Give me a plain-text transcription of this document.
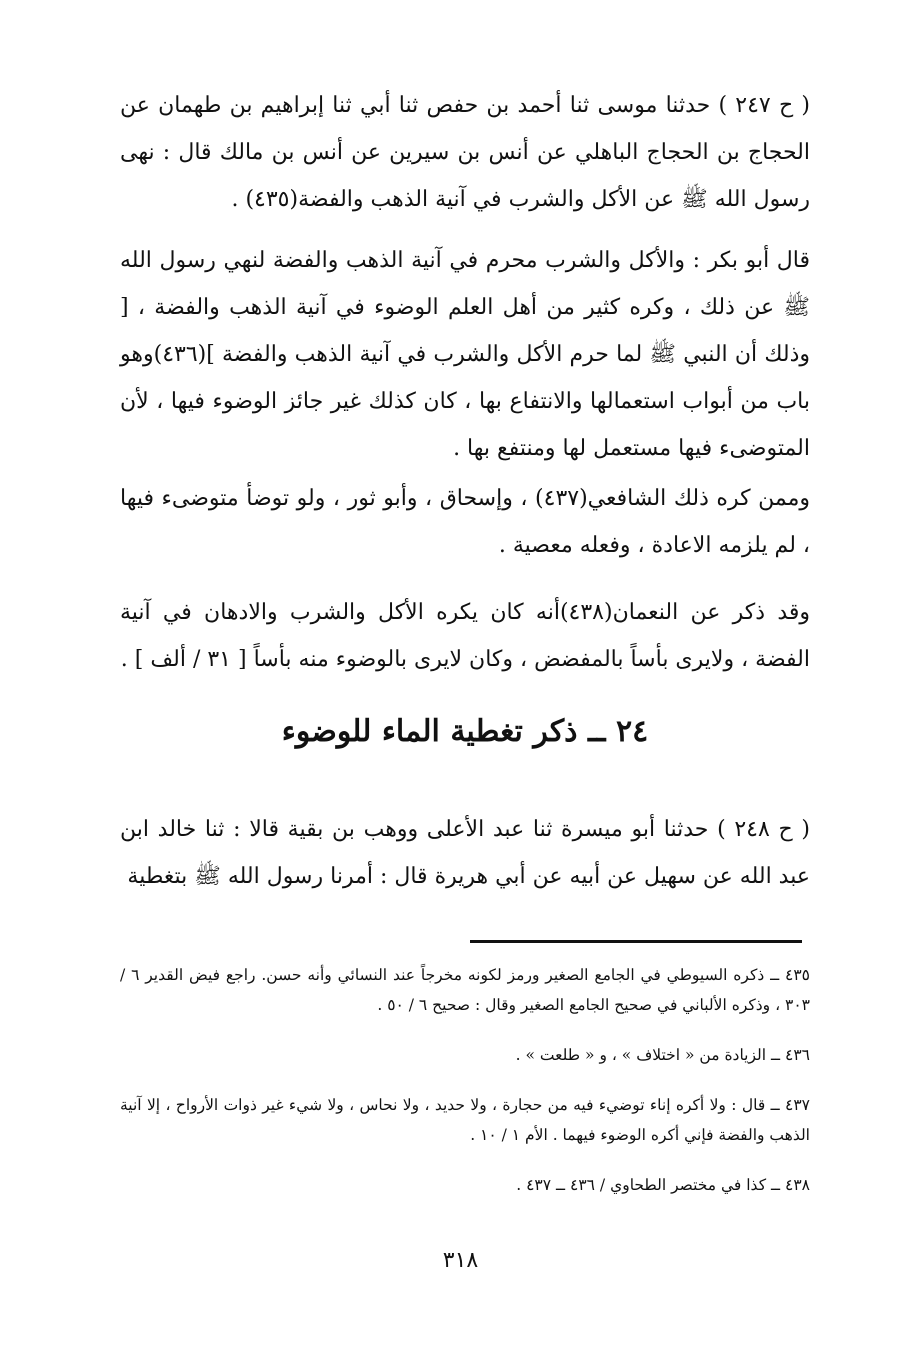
( ح ٢٤٧ ) حدثنا موسى ثنا أحمد بن حفص ثنا أبي ثنا إبراهيم بن طهمان عن الحجاج بن الحجاج الباهلي عن أنس بن سيرين عن أنس بن مالك قال : نهى رسول الله ﷺ عن الأكل والشرب في آنية الذهب والفضة(٤٣٥) .

قال أبو بكر : والأكل والشرب محرم في آنية الذهب والفضة لنهي رسول الله ﷺ عن ذلك ، وكره كثير من أهل العلم الوضوء في آنية الذهب والفضة ، [ وذلك أن النبي ﷺ لما حرم الأكل والشرب في آنية الذهب والفضة ](٤٣٦)وهو باب من أبواب استعمالها والانتفاع بها ، كان كذلك غير جائز الوضوء فيها ، لأن المتوضىء فيها مستعمل لها ومنتفع بها .

وممن كره ذلك الشافعي(٤٣٧) ، وإسحاق ، وأبو ثور ، ولو توضأ متوضىء فيها ، لم يلزمه الاعادة ، وفعله معصية .

وقد ذكر عن النعمان(٤٣٨)أنه كان يكره الأكل والشرب والادهان في آنية الفضة ، ولايرى بأساً بالمفضض ، وكان لايرى بالوضوء منه بأساً [ ٣١ / ألف ] .

٢٤ ــ ذكر تغطية الماء للوضوء

( ح ٢٤٨ ) حدثنا أبو ميسرة ثنا عبد الأعلى ووهب بن بقية قالا : ثنا خالد ابن عبد الله عن سهيل عن أبيه عن أبي هريرة قال : أمرنا رسول الله ﷺ بتغطية

٤٣٥ ــ ذكره السيوطي في الجامع الصغير ورمز لكونه مخرجاً عند النسائي وأنه حسن. راجع فيض القدير ٦ / ٣٠٣ ، وذكره الألباني في صحيح الجامع الصغير وقال : صحيح ٦ / ٥٠ .

٤٣٦ ــ الزيادة من « اختلاف » ، و « طلعت » .

٤٣٧ ــ قال : ولا أكره إناء توضيء فيه من حجارة ، ولا حديد ، ولا نحاس ، ولا شيء غير ذوات الأرواح ، إلا آنية الذهب والفضة فإني أكره الوضوء فيهما . الأم ١ / ١٠ .

٤٣٨ ــ كذا في مختصر الطحاوي / ٤٣٦ ــ ٤٣٧ .

٣١٨
